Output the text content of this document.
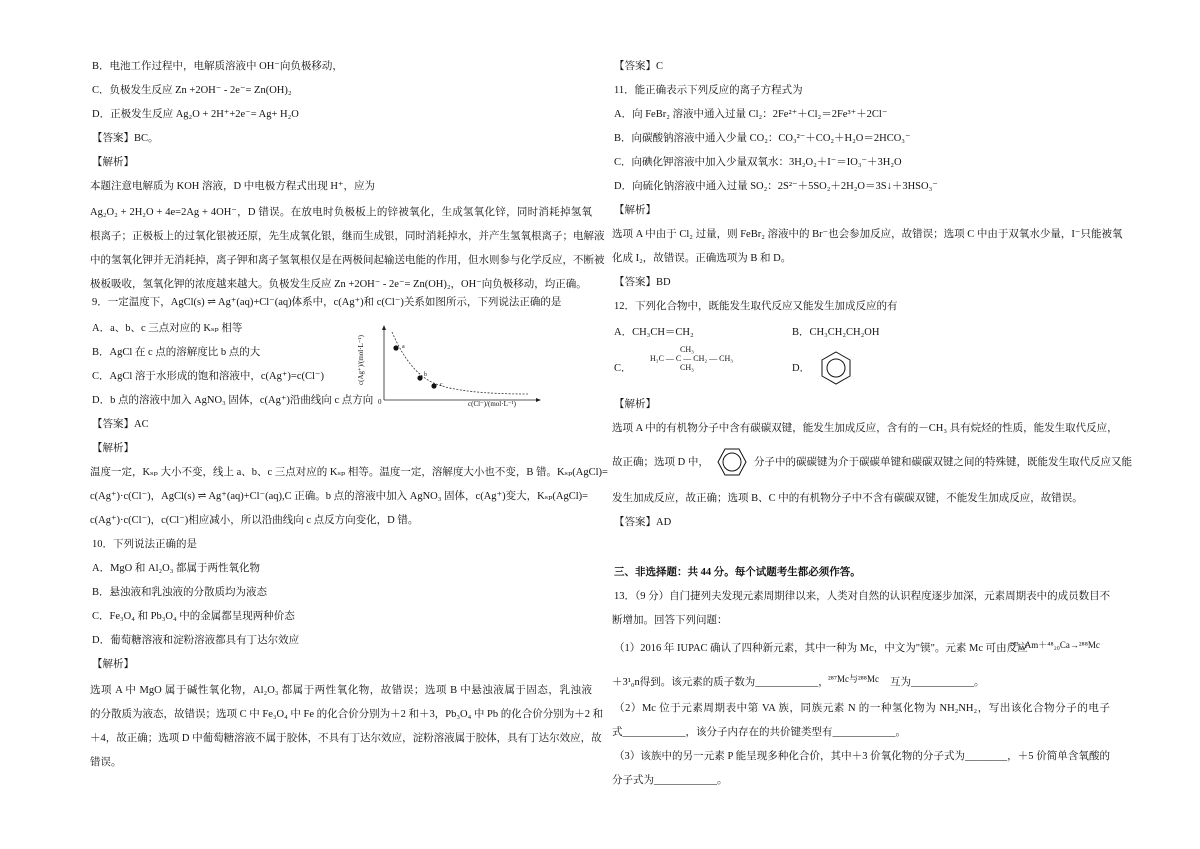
B．电池工作过程中，电解质溶液中 OH⁻向负极移动，
C．负极发生反应 Zn +2OH⁻ - 2e⁻= Zn(OH)₂
D．正极发生反应 Ag₂O + 2H⁺+2e⁻= Ag+ H₂O
【答案】BC。
【解析】
本题注意电解质为 KOH 溶液，D 中电极方程式出现 H⁺，应为
Ag₂O₂ + 2H₂O + 4e=2Ag + 4OH⁻，D 错误。在放电时负极板上的锌被氧化，生成氢氧化锌，同时消耗掉氢氧
根离子；正极板上的过氧化银被还原，先生成氧化银，继而生成银，同时消耗掉水，并产生氢氧根离子；电解液
中的氢氧化钾并无消耗掉，离子钾和离子氢氧根仅是在两极间起输送电能的作用，但水则参与化学反应，不断被
极板吸收，氢氧化钾的浓度越来越大。负极发生反应 Zn +2OH⁻ - 2e⁻= Zn(OH)₂，OH⁻向负极移动，均正确。
9．一定温度下，AgCl(s) ⇌ Ag⁺(aq)+Cl⁻(aq)体系中，c(Ag⁺)和 c(Cl⁻)关系如图所示，下列说法正确的是
A．a、b、c 三点对应的 Kₛₚ 相等
B．AgCl 在 c 点的溶解度比 b 点的大
C．AgCl 溶于水形成的饱和溶液中，c(Ag⁺)=c(Cl⁻)
D．b 点的溶液中加入 AgNO₃ 固体，c(Ag⁺)沿曲线向 c 点方向
a
b
c
0	c(Cl⁻)/(mol·L⁻¹)
c(Ag⁺)/(mol·L⁻¹)
【答案】AC
【解析】
温度一定，Kₛₚ 大小不变，线上 a、b、c 三点对应的 Kₛₚ 相等。温度一定，溶解度大小也不变，B 错。Kₛₚ(AgCl)=
c(Ag⁺)·c(Cl⁻)，AgCl(s) ⇌ Ag⁺(aq)+Cl⁻(aq),C 正确。b 点的溶液中加入 AgNO₃ 固体，c(Ag⁺)变大，Kₛₚ(AgCl)=
c(Ag⁺)·c(Cl⁻)，c(Cl⁻)相应减小，所以沿曲线向 c 点反方向变化，D 错。
10．下列说法正确的是
A．MgO 和 Al₂O₃ 都属于两性氧化物
B．悬浊液和乳浊液的分散质均为液态
C．Fe₃O₄ 和 Pb₃O₄ 中的金属都呈现两种价态
D．葡萄糖溶液和淀粉溶液都具有丁达尔效应
【解析】
选项 A 中 MgO 属于碱性氧化物，Al₂O₃ 都属于两性氧化物，故错误；选项 B 中悬浊液属于固态，乳浊液
的分散质为液态，故错误；选项 C 中 Fe₃O₄ 中 Fe 的化合价分别为＋2 和＋3，Pb₃O₄ 中 Pb 的化合价分别为＋2 和
＋4，故正确；选项 D 中葡萄糖溶液不属于胶体，不具有丁达尔效应，淀粉溶液属于胶体，具有丁达尔效应，故
错误。
【答案】C
11．能正确表示下列反应的离子方程式为
A．向 FeBr₂ 溶液中通入过量 Cl₂：2Fe²⁺＋Cl₂＝2Fe³⁺＋2Cl⁻
B．向碳酸钠溶液中通入少量 CO₂：CO₃²⁻＋CO₂＋H₂O＝2HCO₃⁻
C．向碘化钾溶液中加入少量双氧水：3H₂O₂＋I⁻＝IO₃⁻＋3H₂O
D．向硫化钠溶液中通入过量 SO₂：2S²⁻＋5SO₂＋2H₂O＝3S↓＋3HSO₃⁻
【解析】
选项 A 中由于 Cl₂ 过量，则 FeBr₂ 溶液中的 Br⁻也会参加反应，故错误；选项 C 中由于双氧水少量，I⁻只能被氧
化成 I₂，故错误。正确选项为 B 和 D。
【答案】BD
12．下列化合物中，既能发生取代反应又能发生加成反应的有
A．CH₃CH＝CH₂	B．CH₃CH₂CH₂OH
C．
CH₃
H₃C — C — CH₂ — CH₃
CH₃	D．
【解析】
选项 A 中的有机物分子中含有碳碳双键，能发生加成反应，含有的－CH₃ 具有烷烃的性质，能发生取代反应，
故正确；选项 D 中，	分子中的碳碳键为介于碳碳单键和碳碳双键之间的特殊键，既能发生取代反应又能
发生加成反应，故正确；选项 B、C 中的有机物分子中不含有碳碳双键，不能发生加成反应，故错误。
【答案】AD
三、非选择题：共 44 分。每个试题考生都必须作答。
13．（9 分）自门捷列夫发现元素周期律以来，人类对自然的认识程度逐步加深，元素周期表中的成员数目不
断增加。回答下列问题：
（1）2016 年 IUPAC 确认了四种新元素，其中一种为 Mc，中文为"镆"。元素 Mc 可由反应
²⁴³₉₅Am＋⁴⁸₂₀Ca→²⁸⁸Mc
＋3¹₀n得到。该元素的质子数为____________， ²⁸⁷Mc与²⁸⁸Mc 互为____________。
（2）Mc 位于元素周期表中第 VA 族，同族元素 N 的一种氢化物为 NH₂NH₂，写出该化合物分子的电子
式____________，该分子内存在的共价键类型有____________。
（3）该族中的另一元素 P 能呈现多种化合价，其中＋3 价氧化物的分子式为________，＋5 价简单含氧酸的
分子式为____________。
